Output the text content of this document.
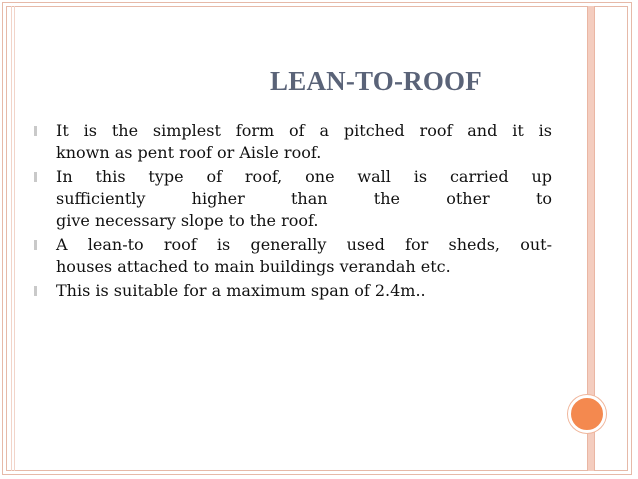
LEAN-TO-ROOF
It is the simplest form of a pitched roof and it is
known as pent roof or Aisle roof.
In this type of roof, one wall is carried up
sufficiently higher than the other to
give necessary slope to the roof.
A lean-to roof is generally used for sheds, out-
houses attached to main buildings verandah etc.
This is suitable for a maximum span of 2.4m..
